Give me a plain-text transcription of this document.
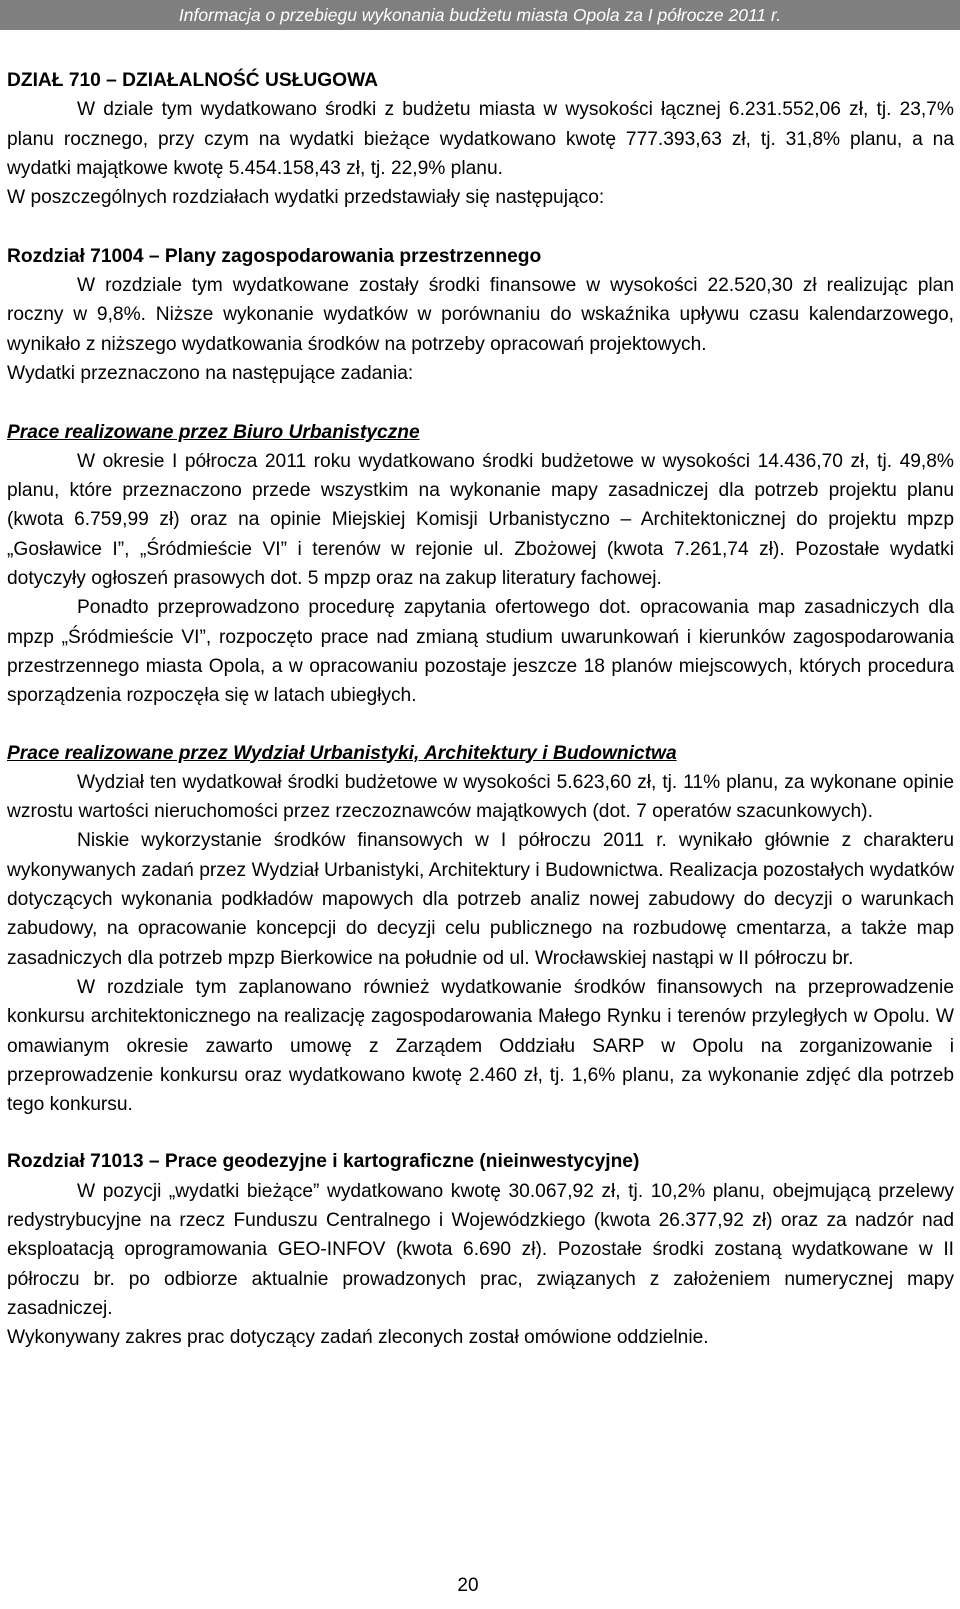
Informacja o przebiegu wykonania budżetu miasta Opola za I półrocze 2011 r.
DZIAŁ 710 – DZIAŁALNOŚĆ USŁUGOWA

W dziale tym wydatkowano środki z budżetu miasta w wysokości łącznej 6.231.552,06 zł, tj. 23,7% planu rocznego, przy czym na wydatki bieżące wydatkowano kwotę 777.393,63 zł, tj. 31,8% planu, a na wydatki majątkowe kwotę 5.454.158,43 zł, tj. 22,9% planu.

W poszczególnych rozdziałach wydatki przedstawiały się następująco:

Rozdział 71004 – Plany zagospodarowania przestrzennego

W rozdziale tym wydatkowane zostały środki finansowe w wysokości 22.520,30 zł realizując plan roczny w 9,8%. Niższe wykonanie wydatków w porównaniu do wskaźnika upływu czasu kalendarzowego, wynikało z niższego wydatkowania środków na potrzeby opracowań projektowych.

Wydatki przeznaczono na następujące zadania:

Prace realizowane przez Biuro Urbanistyczne

W okresie I półrocza 2011 roku wydatkowano środki budżetowe w wysokości 14.436,70 zł, tj. 49,8% planu, które przeznaczono przede wszystkim na wykonanie mapy zasadniczej dla potrzeb projektu planu (kwota 6.759,99 zł) oraz na opinie Miejskiej Komisji Urbanistyczno – Architektonicznej do projektu mpzp „Gosławice I”, „Śródmieście VI” i terenów w rejonie ul. Zbożowej (kwota 7.261,74 zł). Pozostałe wydatki dotyczyły ogłoszeń prasowych dot. 5 mpzp oraz na zakup literatury fachowej.

Ponadto przeprowadzono procedurę zapytania ofertowego dot. opracowania map zasadniczych dla mpzp „Śródmieście VI”, rozpoczęto prace nad zmianą studium uwarunkowań i kierunków zagospodarowania przestrzennego miasta Opola, a w opracowaniu pozostaje jeszcze 18 planów miejscowych, których procedura sporządzenia rozpoczęła się w latach ubiegłych.

Prace realizowane przez Wydział Urbanistyki, Architektury i Budownictwa

Wydział ten wydatkował środki budżetowe w wysokości 5.623,60 zł, tj. 11% planu, za wykonane opinie wzrostu wartości nieruchomości przez rzeczoznawców majątkowych (dot. 7 operatów szacunkowych).

Niskie wykorzystanie środków finansowych w I półroczu 2011 r. wynikało głównie z charakteru wykonywanych zadań przez Wydział Urbanistyki, Architektury i Budownictwa. Realizacja pozostałych wydatków dotyczących wykonania podkładów mapowych dla potrzeb analiz nowej zabudowy do decyzji o warunkach zabudowy, na opracowanie koncepcji do decyzji celu publicznego na rozbudowę cmentarza, a także map zasadniczych dla potrzeb mpzp Bierkowice na południe od ul. Wrocławskiej nastąpi w II półroczu br.

W rozdziale tym zaplanowano również wydatkowanie środków finansowych na przeprowadzenie konkursu architektonicznego na realizację zagospodarowania Małego Rynku i terenów przyległych w Opolu. W omawianym okresie zawarto umowę z Zarządem Oddziału SARP w Opolu na zorganizowanie i przeprowadzenie konkursu oraz wydatkowano kwotę 2.460 zł, tj. 1,6% planu, za wykonanie zdjęć dla potrzeb tego konkursu.

Rozdział 71013 – Prace geodezyjne i kartograficzne (nieinwestycyjne)

W pozycji „wydatki bieżące” wydatkowano kwotę 30.067,92 zł, tj. 10,2% planu, obejmującą przelewy redystrybucyjne na rzecz Funduszu Centralnego i Wojewódzkiego (kwota 26.377,92 zł) oraz za nadzór nad eksploatacją oprogramowania GEO-INFOV (kwota 6.690 zł). Pozostałe środki zostaną wydatkowane w II półroczu br. po odbiorze aktualnie prowadzonych prac, związanych z założeniem numerycznej mapy zasadniczej.

Wykonywany zakres prac dotyczący zadań zleconych został omówione oddzielnie.

20
